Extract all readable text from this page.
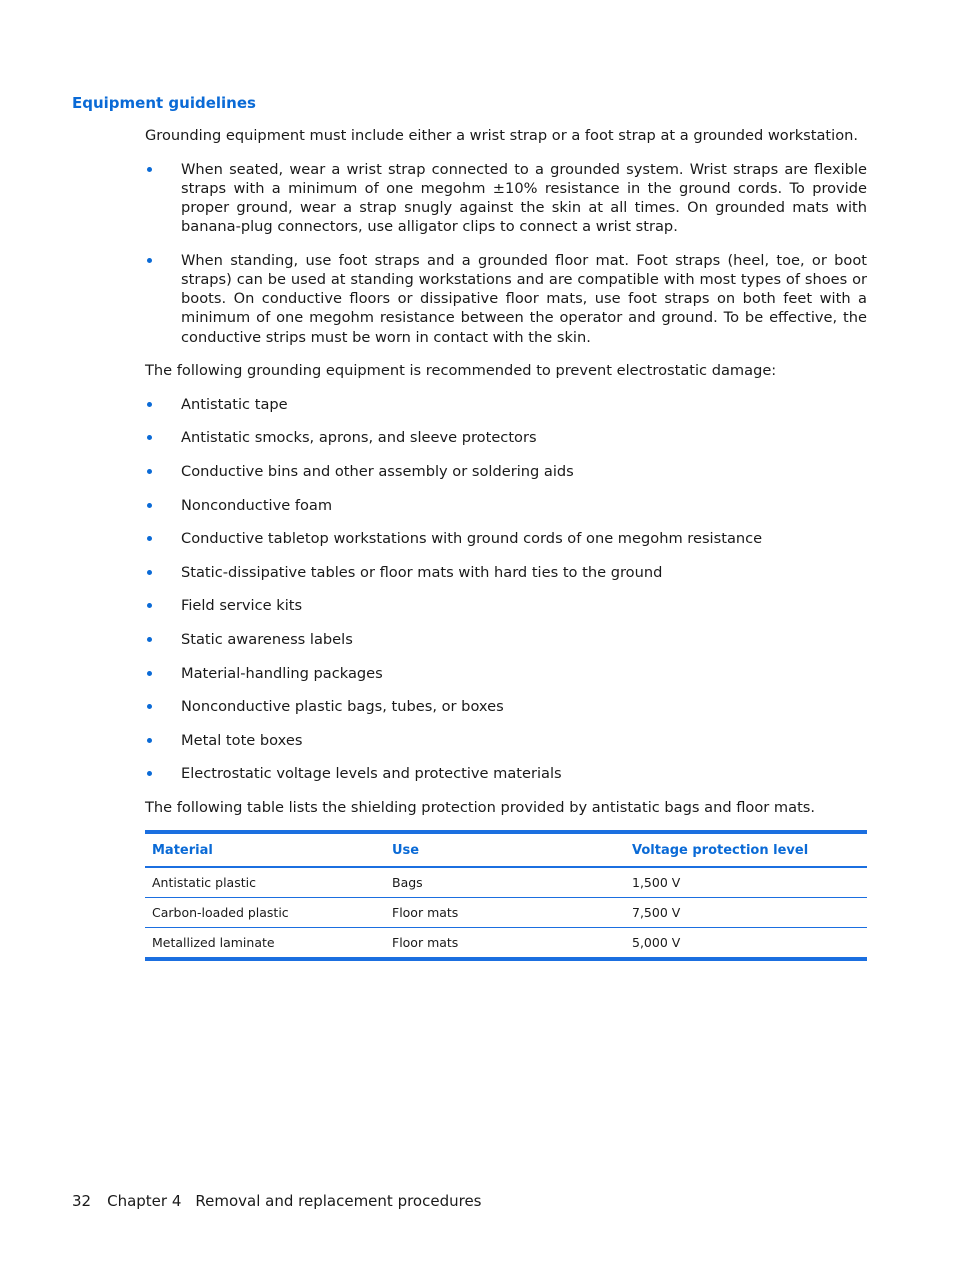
Equipment guidelines

Grounding equipment must include either a wrist strap or a foot strap at a grounded workstation.

When seated, wear a wrist strap connected to a grounded system. Wrist straps are flexible straps with a minimum of one megohm ±10% resistance in the ground cords. To provide proper ground, wear a strap snugly against the skin at all times. On grounded mats with banana-plug connectors, use alligator clips to connect a wrist strap.
When standing, use foot straps and a grounded floor mat. Foot straps (heel, toe, or boot straps) can be used at standing workstations and are compatible with most types of shoes or boots. On conductive floors or dissipative floor mats, use foot straps on both feet with a minimum of one megohm resistance between the operator and ground. To be effective, the conductive strips must be worn in contact with the skin.

The following grounding equipment is recommended to prevent electrostatic damage:

Antistatic tape
Antistatic smocks, aprons, and sleeve protectors
Conductive bins and other assembly or soldering aids
Nonconductive foam
Conductive tabletop workstations with ground cords of one megohm resistance
Static-dissipative tables or floor mats with hard ties to the ground
Field service kits
Static awareness labels
Material-handling packages
Nonconductive plastic bags, tubes, or boxes
Metal tote boxes
Electrostatic voltage levels and protective materials

The following table lists the shielding protection provided by antistatic bags and floor mats.

Material	Use	Voltage protection level
Antistatic plastic	Bags	1,500 V
Carbon-loaded plastic	Floor mats	7,500 V
Metallized laminate	Floor mats	5,000 V
32 Chapter 4 Removal and replacement procedures
